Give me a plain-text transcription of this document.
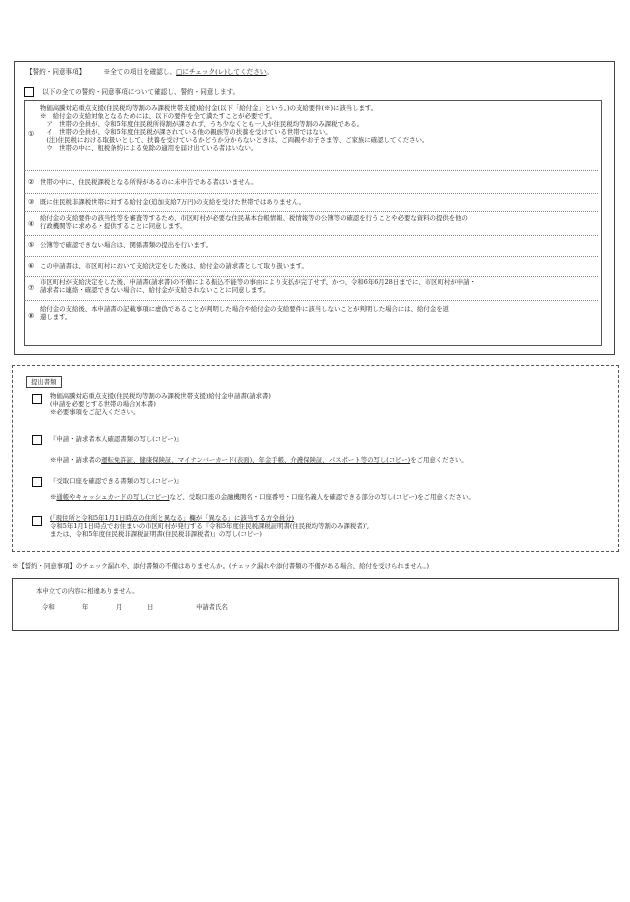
【誓約・同意事項】	※全ての項目を確認し、□にチェック(レ)してください。
以下の全ての誓約・同意事項について確認し、誓約・同意します。
①
物価高騰対応重点支援(住民税均等割のみ課税世帯支援)給付金(以下「給付金」という。)の支給要件(※)に該当します。
※　給付金の支給対象となるためには、以下の要件を全て満たすことが必要です。
　ア　世帯の全員が、令和5年度住民税所得割が課されず、うち少なくとも一人が住民税均等割のみ課税である。
　イ　世帯の全員が、令和5年度住民税が課されている他の親族等の扶養を受けている世帯ではない。
　(注)住民税における取扱いとして、扶養を受けているかどうか分からないときは、ご両親やお子さま等、ご家族に確認してください。
　ウ　世帯の中に、租税条約による免除の適用を届け出ている者はいない。
② 世帯の中に、住民税課税となる所得があるのに未申告である者はいません。
③ 既に住民税非課税世帯に対する給付金(追加支給7万円)の支給を受けた世帯ではありません。
④
給付金の支給要件の該当性等を審査等するため、市区町村が必要な住民基本台帳情報、税情報等の公簿等の確認を行うことや必要な資料の提供を他の
行政機関等に求める・提供することに同意します。
⑤ 公簿等で確認できない場合は、関係書類の提出を行います。
⑥ この申請書は、市区町村において支給決定をした後は、給付金の請求書として取り扱います。
⑦
市区町村が支給決定をした後、申請書(請求書)の不備による振込不能等の事由により支払が完了せず、かつ、令和6年6月28日までに、市区町村が申請・
請求者に連絡・確認できない場合に、給付金が支給されないことに同意します。
⑧
給付金の支給後、本申請書の記載事項に虚偽であることが判明した場合や給付金の支給要件に該当しないことが判明した場合には、給付金を返
還します。
提出書類
物価高騰対応重点支援(住民税均等割のみ課税世帯支援)給付金申請書(請求書)
(申請を必要とする世帯の場合)(本書)
※必要事項をご記入ください。
『申請・請求者本人確認書類の写し(コピー)』
※申請・請求者の運転免許証、健康保険証、マイナンバーカード(表面)、年金手帳、介護保険証、パスポート等の写し(コピー)をご用意ください。
『受取口座を確認できる書類の写し(コピー)』
※通帳やキャッシュカードの写し(コピー)など、受取口座の金融機関名・口座番号・口座名義人を確認できる部分の写し(コピー)をご用意ください。
(「現住所と令和5年1月1日時点の住所と異なる」欄が「異なる」に該当する方全員分)
令和5年1月1日時点でお住まいの市区町村が発行する『令和5年度住民税課税証明書(住民税均等割のみ課税者)',
または、令和5年度住民税非課税証明書(住民税非課税者)』の写し(コピー)
※【誓約・同意事項】のチェック漏れや、添付書類の不備はありませんか。(チェック漏れや添付書類の不備がある場合、給付を受けられません。)
本申立ての内容に相違ありません。
令和	年	月	日	申請者氏名
